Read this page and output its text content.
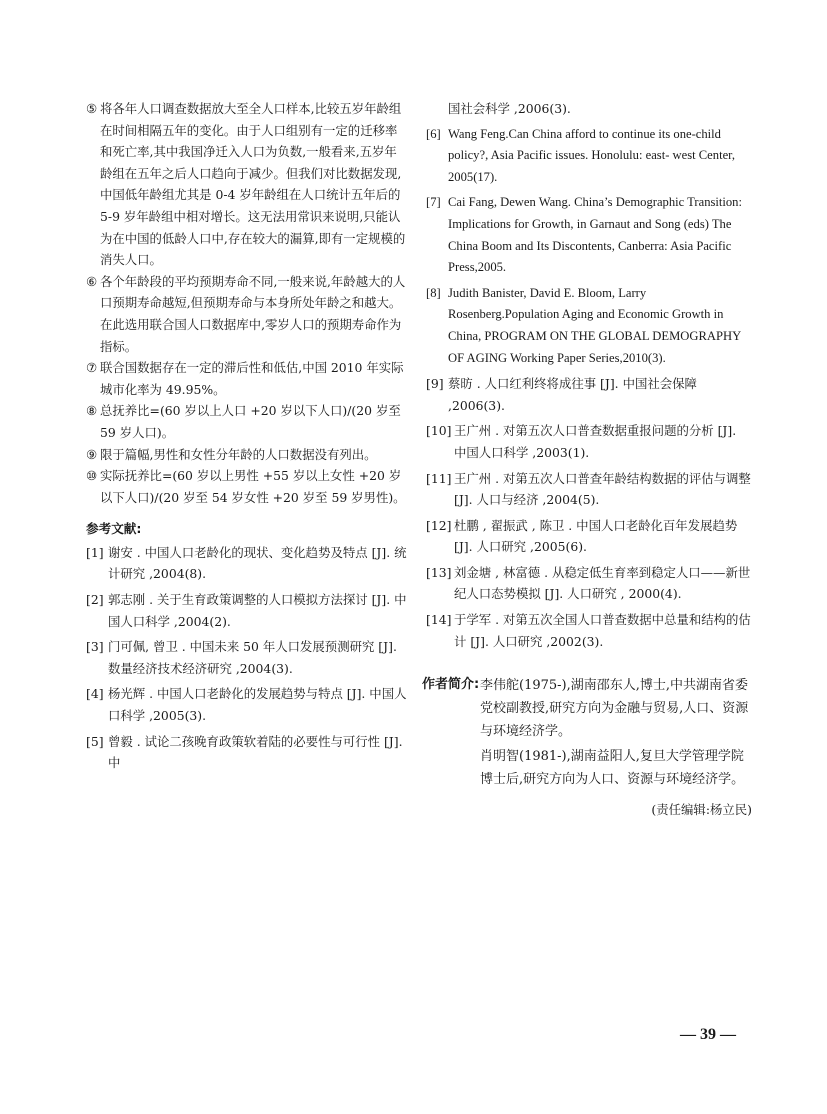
⑤ 将各年人口调查数据放大至全人口样本,比较五岁年龄组在时间相隔五年的变化。由于人口组别有一定的迁移率和死亡率,其中我国净迁入人口为负数,一般看来,五岁年龄组在五年之后人口趋向于减少。但我们对比数据发现,中国低年龄组尤其是 0-4 岁年龄组在人口统计五年后的 5-9 岁年龄组中相对增长。这无法用常识来说明,只能认为在中国的低龄人口中,存在较大的漏算,即有一定规模的消失人口。
⑥ 各个年龄段的平均预期寿命不同,一般来说,年龄越大的人口预期寿命越短,但预期寿命与本身所处年龄之和越大。在此选用联合国人口数据库中,零岁人口的预期寿命作为指标。
⑦ 联合国数据存在一定的滞后性和低估,中国 2010 年实际城市化率为 49.95%。
⑧ 总抚养比=(60 岁以上人口 +20 岁以下人口)/(20 岁至 59 岁人口)。
⑨ 限于篇幅,男性和女性分年龄的人口数据没有列出。
⑩ 实际抚养比=(60 岁以上男性 +55 岁以上女性 +20 岁以下人口)/(20 岁至 54 岁女性 +20 岁至 59 岁男性)。
参考文献:
[1] 谢安 . 中国人口老龄化的现状、变化趋势及特点 [J]. 统计研究 ,2004(8).
[2] 郭志刚 . 关于生育政策调整的人口模拟方法探讨 [J]. 中国人口科学 ,2004(2).
[3] 门可佩, 曾卫 . 中国未来 50 年人口发展预测研究 [J]. 数量经济技术经济研究 ,2004(3).
[4] 杨光辉 . 中国人口老龄化的发展趋势与特点 [J]. 中国人口科学 ,2005(3).
[5] 曾毅 . 试论二孩晚育政策软着陆的必要性与可行性 [J]. 中
国社会科学 ,2006(3).
[6] Wang Feng.Can China afford to continue its one-child policy?, Asia Pacific issues. Honolulu: east- west Center, 2005(17).
[7] Cai Fang, Dewen Wang. China’s Demographic Transition: Implications for Growth, in Garnaut and Song (eds) The China Boom and Its Discontents, Canberra: Asia Pacific Press,2005.
[8] Judith Banister, David E. Bloom, Larry Rosenberg.Population Aging and Economic Growth in China, PROGRAM ON THE GLOBAL DEMOGRAPHY OF AGING Working Paper Series,2010(3).
[9] 蔡昉 . 人口红利终将成往事 [J]. 中国社会保障 ,2006(3).
[10] 王广州 . 对第五次人口普查数据重报问题的分析 [J]. 中国人口科学 ,2003(1).
[11] 王广州 . 对第五次人口普查年龄结构数据的评估与调整 [J]. 人口与经济 ,2004(5).
[12] 杜鹏 , 翟振武 , 陈卫 . 中国人口老龄化百年发展趋势 [J]. 人口研究 ,2005(6).
[13] 刘金塘 , 林富德 . 从稳定低生育率到稳定人口——新世纪人口态势模拟 [J]. 人口研究 , 2000(4).
[14] 于学军 . 对第五次全国人口普查数据中总量和结构的估计 [J]. 人口研究 ,2002(3).
作者简介: 李伟舵(1975-),湖南邵东人,博士,中共湖南省委党校副教授,研究方向为金融与贸易,人口、资源与环境经济学。

肖明智(1981-),湖南益阳人,复旦大学管理学院博士后,研究方向为人口、资源与环境经济学。

(责任编辑:杨立民)
— 39 —
